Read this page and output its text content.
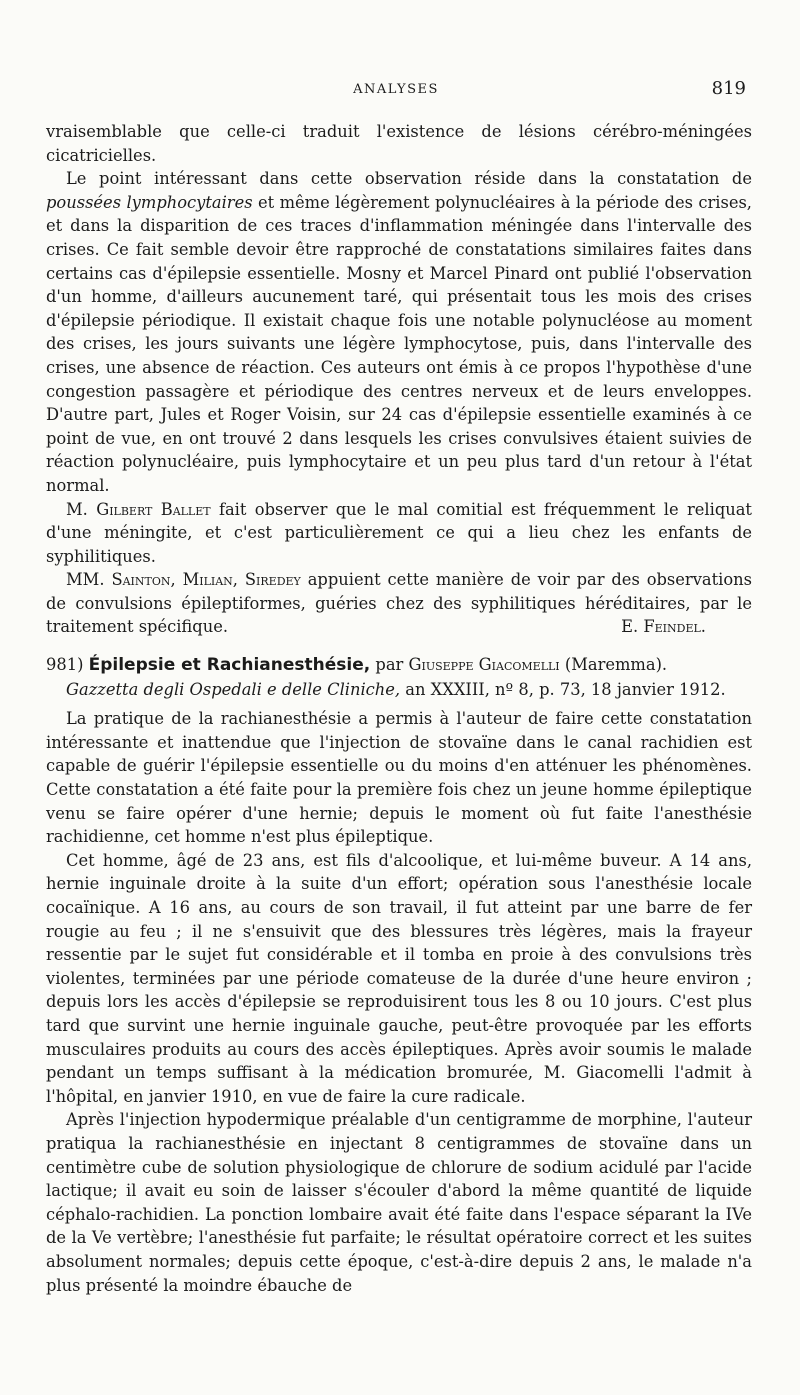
ANALYSES	819

vraisemblable que celle-ci traduit l'existence de lésions cérébro-méningées cicatricielles.

Le point intéressant dans cette observation réside dans la constatation de poussées lymphocytaires et même légèrement polynucléaires à la période des crises, et dans la disparition de ces traces d'inflammation méningée dans l'intervalle des crises. Ce fait semble devoir être rapproché de constatations similaires faites dans certains cas d'épilepsie essentielle. Mosny et Marcel Pinard ont publié l'observation d'un homme, d'ailleurs aucunement taré, qui présentait tous les mois des crises d'épilepsie périodique. Il existait chaque fois une notable polynucléose au moment des crises, les jours suivants une légère lymphocytose, puis, dans l'intervalle des crises, une absence de réaction. Ces auteurs ont émis à ce propos l'hypothèse d'une congestion passagère et périodique des centres nerveux et de leurs enveloppes. D'autre part, Jules et Roger Voisin, sur 24 cas d'épilepsie essentielle examinés à ce point de vue, en ont trouvé 2 dans lesquels les crises convulsives étaient suivies de réaction polynucléaire, puis lymphocytaire et un peu plus tard d'un retour à l'état normal.

M. Gilbert Ballet fait observer que le mal comitial est fréquemment le reliquat d'une méningite, et c'est particulièrement ce qui a lieu chez les enfants de syphilitiques.

MM. Sainton, Milian, Siredey appuient cette manière de voir par des observations de convulsions épileptiformes, guéries chez des syphilitiques héréditaires, par le traitement spécifique.	E. Feindel.

981) Épilepsie et Rachianesthésie, par Giuseppe Giacomelli (Maremma).

Gazzetta degli Ospedali e delle Cliniche, an XXXIII, nº 8, p. 73, 18 janvier 1912.

La pratique de la rachianesthésie a permis à l'auteur de faire cette constatation intéressante et inattendue que l'injection de stovaïne dans le canal rachidien est capable de guérir l'épilepsie essentielle ou du moins d'en atténuer les phénomènes. Cette constatation a été faite pour la première fois chez un jeune homme épileptique venu se faire opérer d'une hernie; depuis le moment où fut faite l'anesthésie rachidienne, cet homme n'est plus épileptique.

Cet homme, âgé de 23 ans, est fils d'alcoolique, et lui-même buveur. A 14 ans, hernie inguinale droite à la suite d'un effort; opération sous l'anesthésie locale cocaïnique. A 16 ans, au cours de son travail, il fut atteint par une barre de fer rougie au feu ; il ne s'ensuivit que des blessures très légères, mais la frayeur ressentie par le sujet fut considérable et il tomba en proie à des convulsions très violentes, terminées par une période comateuse de la durée d'une heure environ ; depuis lors les accès d'épilepsie se reproduisirent tous les 8 ou 10 jours. C'est plus tard que survint une hernie inguinale gauche, peut-être provoquée par les efforts musculaires produits au cours des accès épileptiques. Après avoir soumis le malade pendant un temps suffisant à la médication bromurée, M. Giacomelli l'admit à l'hôpital, en janvier 1910, en vue de faire la cure radicale.

Après l'injection hypodermique préalable d'un centigramme de morphine, l'auteur pratiqua la rachianesthésie en injectant 8 centigrammes de stovaïne dans un centimètre cube de solution physiologique de chlorure de sodium acidulé par l'acide lactique; il avait eu soin de laisser s'écouler d'abord la même quantité de liquide céphalo-rachidien. La ponction lombaire avait été faite dans l'espace séparant la IVe de la Ve vertèbre; l'anesthésie fut parfaite; le résultat opératoire correct et les suites absolument normales; depuis cette époque, c'est-à-dire depuis 2 ans, le malade n'a plus présenté la moindre ébauche de
